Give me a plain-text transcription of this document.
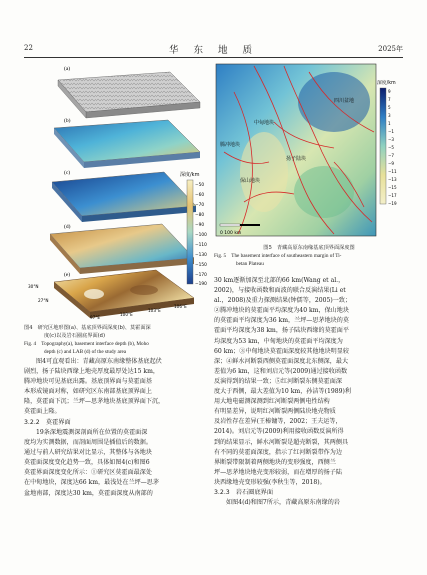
22	华 东 地 质	2025年
深度/km
−50
−60
−70
−80
−90
−100
−110
−130
−150
−170
−190
(a)
(b)
(c)
(d)
(e)
30°N
27°N
97°E
100°E
103°E
106°E

图4　研究区地形图(a)、基底顶界面深度(b)、莫霍面深

度(c)以及岩石圈底界面(d)

Fig. 4　Topography(a), basement interface depth (b), Moho

depth (c) and LAB (d) of the study area

图4可直观看出：青藏高原东南缘整体基底起伏

剧烈，扬子陆块西缘上地壳厚度最厚处达15 km，

腾冲地块可见基底出露。基底顶界面与莫霍面基

本形成镜面对称，如研究区东南部基底顶界面上

隆，莫霍面下沉；兰坪—思茅地块基底顶界面下沉，

莫霍面上隆。

3.2.2　莫霍界面

19条深地震测深剖面所在位置的莫霍面深

度均为实测数据，而剖面周围是插值后的数据。

通过与前人研究结果对比显示，其整体与各地块

莫霍面深度变化趋势一致，具体如图4(c)和图6

莫霍界面深度变化所示：①研究区莫霍面最深处

在中甸地块，深度达66 km，最浅处在兰坪—思茅

盆地南部，深度达30 km，莫霍面深度从南部的

四川盆地
中甸地块
腾冲地块
扬子陆块
保山地块
0 100 km
深度/km
9
7
5
3
1
−1
−3
−5
−7
−9
−11
−13
−15
−17
−19

图5　青藏高原东南缘基底顶界面深度图

Fig. 5　The basement interface of southeastern margin of Ti-

betan Plateau

30 km逐渐加深至北部的66 km(Wang et al.，

2002)，与接收函数和面波的联合反演结果(Li et

al.，2008)及重力探测结果(钟儒等，2005)一致；

②腾冲地块的莫霍面平均深度为40 km，保山地块

的莫霍面平均深度为36 km，兰坪—思茅地块的莫

霍面平均深度为38 km，扬子陆块西缘的莫霍面平

均深度为53 km，中甸地块的莫霍面平均深度为

60 km；③中甸地块莫霍面深度较其他地块明显较

深；④鲜水河断裂西侧莫霍面深度北东侧深，最大

差值为6 km，这和刘启元等(2009)通过接收函数

反演得到的结果一致；⑤红河断裂东侧莫霍面深

度大于西侧，最大差值为10 km，孙洁等(1989)利

用大地电磁测深测到红河断裂两侧电性结构

有明显差异，说明红河断裂两侧陆块地壳物质

及岩性存在差异(王椿镛等，2002；王夫运等，

2014)。刘启元等(2009)利用接收函数反演所得

到的结果显示，鲜水河断裂是超壳断裂，其两侧具

有不同的莫霍面深度，指示了红河断裂带作为边

界断裂带限制着两侧地块的变形强度，西侧兰

坪—思茅地块地壳变形较弱，而在增厚的扬子陆

块西缘地壳变形较强(李秋生等，2018)。

3.2.3　岩石圈底界面

如图4(d)和图7所示，青藏高原东南缘的岩
